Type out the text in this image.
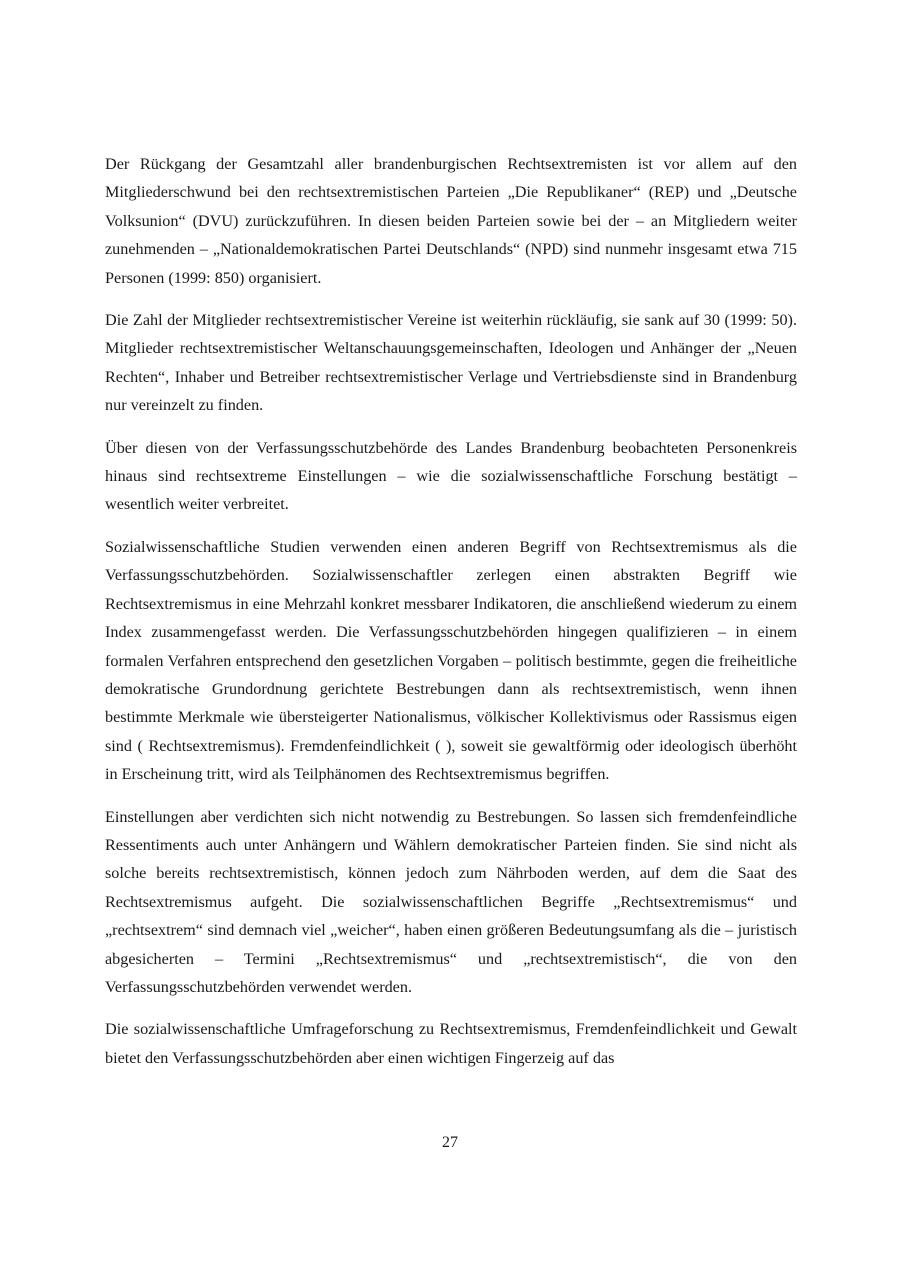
Der Rückgang der Gesamtzahl aller brandenburgischen Rechtsextremisten ist vor allem auf den Mitgliederschwund bei den rechtsextremistischen Parteien „Die Republikaner“ (REP) und „Deutsche Volksunion“ (DVU) zurückzuführen. In diesen beiden Parteien sowie bei der – an Mitgliedern weiter zunehmenden – „Nationaldemokratischen Partei Deutschlands“ (NPD) sind nunmehr insgesamt etwa 715 Personen (1999: 850) organisiert.

Die Zahl der Mitglieder rechtsextremistischer Vereine ist weiterhin rückläufig, sie sank auf 30 (1999: 50). Mitglieder rechtsextremistischer Weltanschauungsgemeinschaften, Ideologen und Anhänger der „Neuen Rechten“, Inhaber und Betreiber rechtsextremistischer Verlage und Vertriebsdienste sind in Brandenburg nur vereinzelt zu finden.

Über diesen von der Verfassungsschutzbehörde des Landes Brandenburg beobachteten Personenkreis hinaus sind rechtsextreme Einstellungen – wie die sozialwissenschaftliche Forschung bestätigt – wesentlich weiter verbreitet.

Sozialwissenschaftliche Studien verwenden einen anderen Begriff von Rechtsextremismus als die Verfassungsschutzbehörden. Sozialwissenschaftler zerlegen einen abstrakten Begriff wie Rechtsextremismus in eine Mehrzahl konkret messbarer Indikatoren, die anschließend wiederum zu einem Index zusammengefasst werden. Die Verfassungsschutzbehörden hingegen qualifizieren – in einem formalen Verfahren entsprechend den gesetzlichen Vorgaben – politisch bestimmte, gegen die freiheitliche demokratische Grundordnung gerichtete Bestrebungen dann als rechtsextremistisch, wenn ihnen bestimmte Merkmale wie übersteigerter Nationalismus, völkischer Kollektivismus oder Rassismus eigen sind ( Rechtsextremismus). Fremdenfeindlichkeit ( ), soweit sie gewaltförmig oder ideologisch überhöht in Erscheinung tritt, wird als Teilphänomen des Rechtsextremismus begriffen.

Einstellungen aber verdichten sich nicht notwendig zu Bestrebungen. So lassen sich fremdenfeindliche Ressentiments auch unter Anhängern und Wählern demokratischer Parteien finden. Sie sind nicht als solche bereits rechtsextremistisch, können jedoch zum Nährboden werden, auf dem die Saat des Rechtsextremismus aufgeht. Die sozialwissenschaftlichen Begriffe „Rechtsextremismus“ und „rechtsextrem“ sind demnach viel „weicher“, haben einen größeren Bedeutungsumfang als die – juristisch abgesicherten – Termini „Rechtsextremismus“ und „rechtsextremistisch“, die von den Verfassungsschutzbehörden verwendet werden.

Die sozialwissenschaftliche Umfrageforschung zu Rechtsextremismus, Fremdenfeindlichkeit und Gewalt bietet den Verfassungsschutzbehörden aber einen wichtigen Fingerzeig auf das

27
